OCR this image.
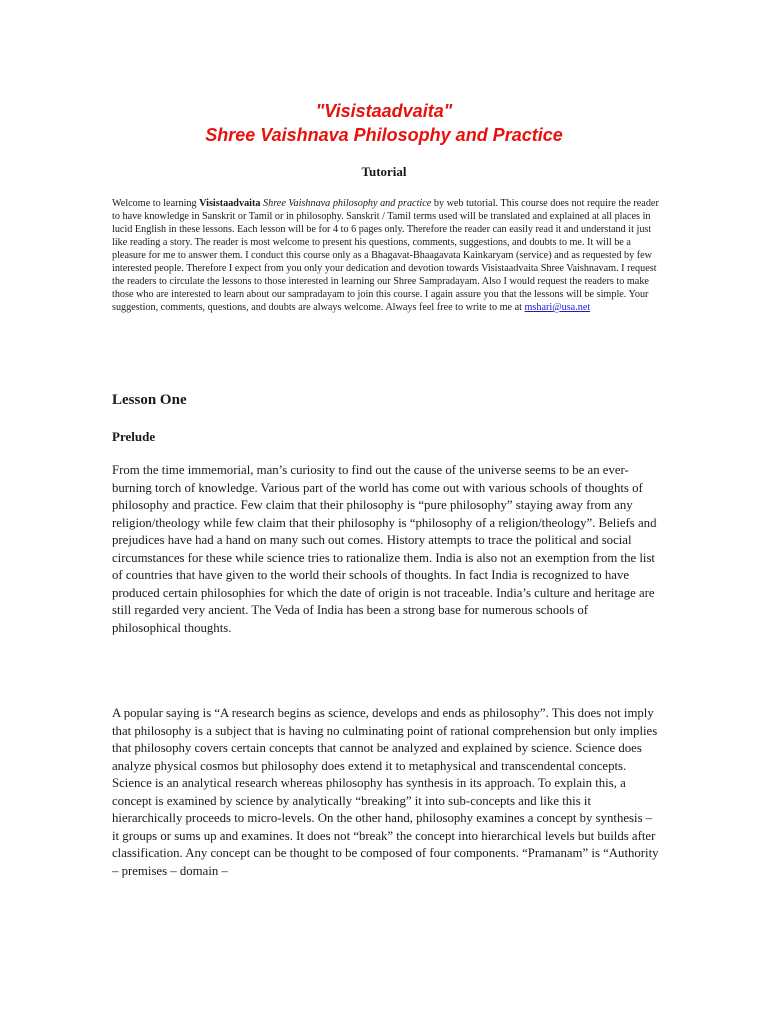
"Visistaadvaita"
Shree Vaishnava Philosophy and Practice
Tutorial

Welcome to learning Visistaadvaita Shree Vaishnava philosophy and practice by web tutorial. This course does not require the reader to have knowledge in Sanskrit or Tamil or in philosophy. Sanskrit / Tamil terms used will be translated and explained at all places in lucid English in these lessons. Each lesson will be for 4 to 6 pages only. Therefore the reader can easily read it and understand it just like reading a story. The reader is most welcome to present his questions, comments, suggestions, and doubts to me. It will be a pleasure for me to answer them. I conduct this course only as a Bhagavat-Bhaagavata Kainkaryam (service) and as requested by few interested people. Therefore I expect from you only your dedication and devotion towards Visistaadvaita Shree Vaishnavam. I request the readers to circulate the lessons to those interested in learning our Shree Sampradayam. Also I would request the readers to make those who are interested to learn about our sampradayam to join this course. I again assure you that the lessons will be simple. Your suggestion, comments, questions, and doubts are always welcome. Always feel free to write to me at mshari@usa.net

Lesson One
Prelude

From the time immemorial, man’s curiosity to find out the cause of the universe seems to be an ever-burning torch of knowledge. Various part of the world has come out with various schools of thoughts of philosophy and practice. Few claim that their philosophy is “pure philosophy” staying away from any religion/theology while few claim that their philosophy is “philosophy of a religion/theology”. Beliefs and prejudices have had a hand on many such out comes. History attempts to trace the political and social circumstances for these while science tries to rationalize them. India is also not an exemption from the list of countries that have given to the world their schools of thoughts. In fact India is recognized to have produced certain philosophies for which the date of origin is not traceable. India’s culture and heritage are still regarded very ancient. The Veda of India has been a strong base for numerous schools of philosophical thoughts.

A popular saying is “A research begins as science, develops and ends as philosophy”. This does not imply that philosophy is a subject that is having no culminating point of rational comprehension but only implies that philosophy covers certain concepts that cannot be analyzed and explained by science. Science does analyze physical cosmos but philosophy does extend it to metaphysical and transcendental concepts. Science is an analytical research whereas philosophy has synthesis in its approach. To explain this, a concept is examined by science by analytically “breaking” it into sub-concepts and like this it hierarchically proceeds to micro-levels. On the other hand, philosophy examines a concept by synthesis – it groups or sums up and examines. It does not “break” the concept into hierarchical levels but builds after classification. Any concept can be thought to be composed of four components. “Pramanam” is “Authority – premises – domain –
